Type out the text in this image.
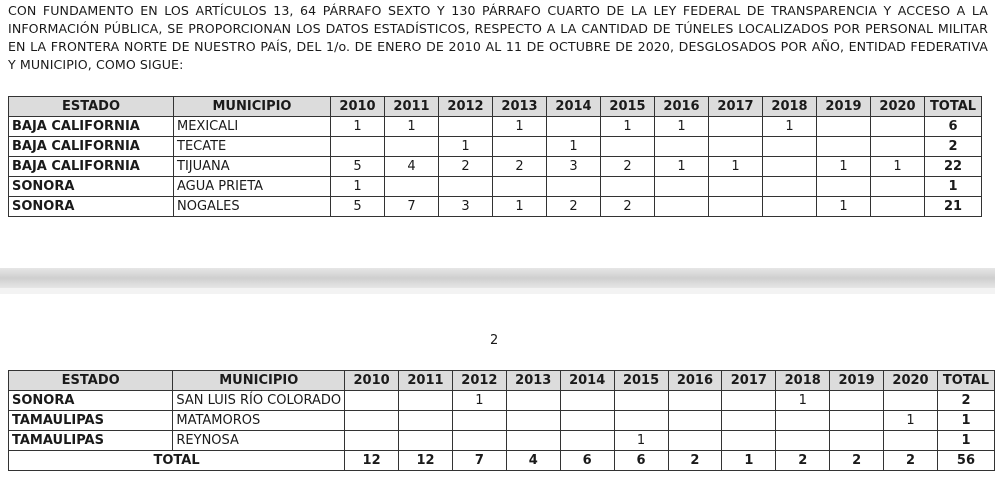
CON FUNDAMENTO EN LOS ARTÍCULOS 13, 64 PÁRRAFO SEXTO Y 130 PÁRRAFO CUARTO DE LA LEY FEDERAL DE TRANSPARENCIA Y ACCESO A LA INFORMACIÓN PÚBLICA, SE PROPORCIONAN LOS DATOS ESTADÍSTICOS, RESPECTO A LA CANTIDAD DE TÚNELES LOCALIZADOS POR PERSONAL MILITAR EN LA FRONTERA NORTE DE NUESTRO PAÍS, DEL 1/o. DE ENERO DE 2010 AL 11 DE OCTUBRE DE 2020, DESGLOSADOS POR AÑO, ENTIDAD FEDERATIVA Y MUNICIPIO, COMO SIGUE:
ESTADO	MUNICIPIO	2010	2011	2012	2013	2014	2015	2016	2017	2018	2019	2020	TOTAL
BAJA CALIFORNIA	MEXICALI	1	1		1		1	1		1			6
BAJA CALIFORNIA	TECATE			1		1							2
BAJA CALIFORNIA	TIJUANA	5	4	2	2	3	2	1	1		1	1	22
SONORA	AGUA PRIETA	1											1
SONORA	NOGALES	5	7	3	1	2	2				1		21
2
ESTADO	MUNICIPIO	2010	2011	2012	2013	2014	2015	2016	2017	2018	2019	2020	TOTAL
SONORA	SAN LUIS RÍO COLORADO			1						1			2
TAMAULIPAS	MATAMOROS											1	1
TAMAULIPAS	REYNOSA						1						1
TOTAL		12	12	7	4	6	6	2	1	2	2	2	56
